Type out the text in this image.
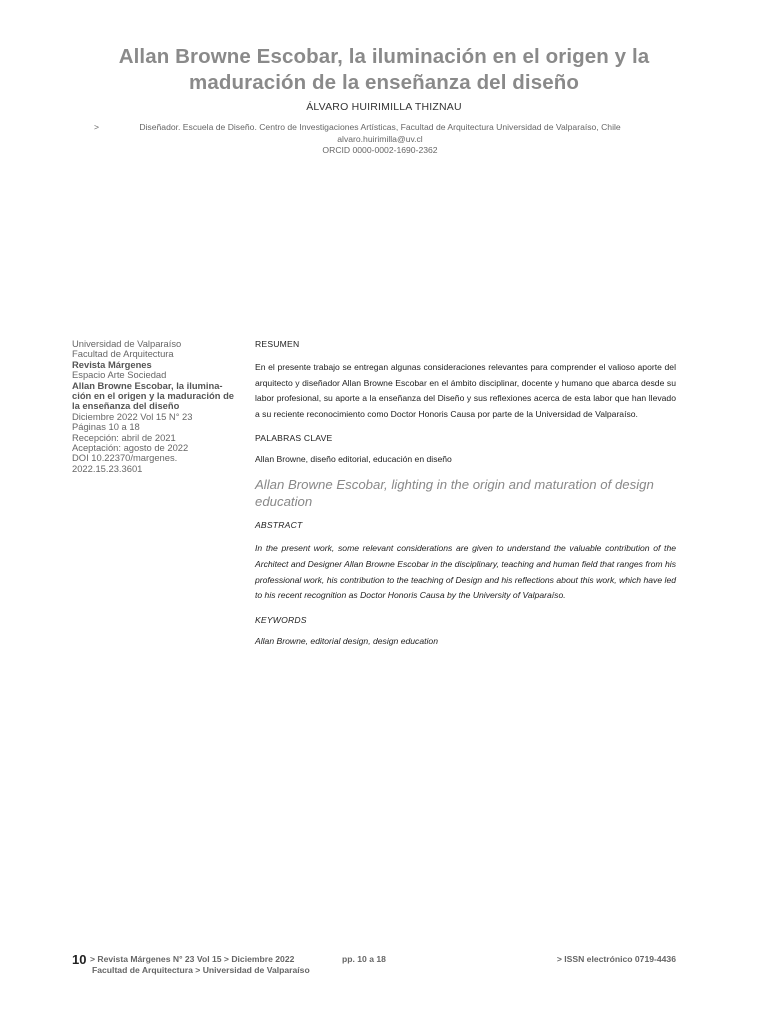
Allan Browne Escobar, la iluminación en el origen y la
maduración de la enseñanza del diseño
ÁLVARO HUIRIMILLA THIZNAU
>	Diseñador. Escuela de Diseño. Centro de Investigaciones Artísticas, Facultad de Arquitectura Universidad de Valparaíso, Chile
alvaro.huirimilla@uv.cl
ORCID 0000-0002-1690-2362
Universidad de Valparaíso
Facultad de Arquitectura
Revista Márgenes
Espacio Arte Sociedad
Allan Browne Escobar, la ilumina-
ción en el origen y la maduración de
la enseñanza del diseño
Diciembre 2022 Vol 15 N° 23
Páginas 10 a 18
Recepción: abril de 2021
Aceptación: agosto de 2022
DOI 10.22370/margenes.
2022.15.23.3601
RESUMEN
En el presente trabajo se entregan algunas consideraciones relevantes para comprender el valioso aporte del arquitecto y diseñador Allan Browne Escobar en el ámbito disciplinar, docente y humano que abarca desde su labor profesional, su aporte a la enseñanza del Diseño y sus reflexiones acerca de esta labor que han llevado a su reciente reconocimiento como Doctor Honoris Causa por parte de la Universidad de Valparaíso.
PALABRAS CLAVE
Allan Browne, diseño editorial, educación en diseño
Allan Browne Escobar, lighting in the origin and maturation of design education
ABSTRACT
In the present work, some relevant considerations are given to understand the valuable contribution of the Architect and Designer Allan Browne Escobar in the disciplinary, teaching and human field that ranges from his professional work, his contribution to the teaching of Design and his reflections about this work, which have led to his recent recognition as Doctor Honoris Causa by the University of Valparaíso.
KEYWORDS
Allan Browne, editorial design, design education
10 > Revista Márgenes N° 23 Vol 15 > Diciembre 2022
Facultad de Arquitectura > Universidad de Valparaíso
pp. 10 a 18	> ISSN electrónico 0719-4436
